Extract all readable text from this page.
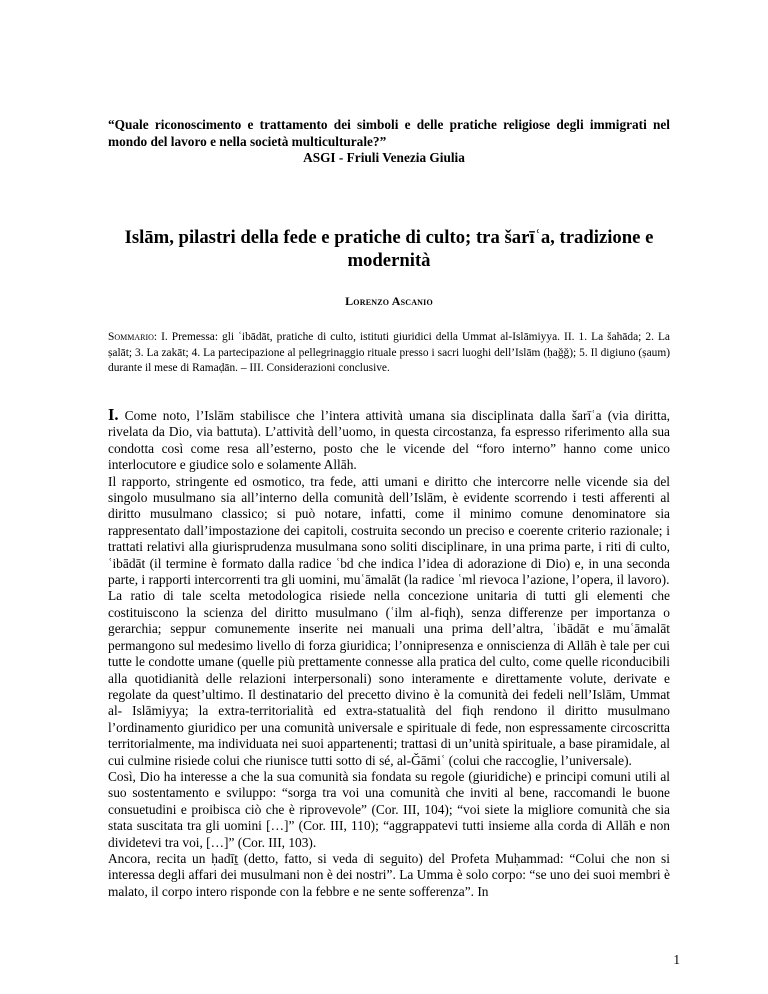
“Quale riconoscimento e trattamento dei simboli e delle pratiche religiose degli immigrati nel mondo del lavoro e nella società multiculturale?”
ASGI - Friuli Venezia Giulia
Islām, pilastri della fede e pratiche di culto; tra šarīʿa, tradizione e modernità
Lorenzo Ascanio
Sommario: I. Premessa: gli ʿibādāt, pratiche di culto, istituti giuridici della Ummat al-Islāmiyya. II. 1. La šahāda; 2. La ṣalāt; 3. La zakāt; 4. La partecipazione al pellegrinaggio rituale presso i sacri luoghi dell’Islām (ḥaǧǧ); 5. Il digiuno (ṣaum) durante il mese di Ramaḍān. – III. Considerazioni conclusive.

I. Come noto, l’Islām stabilisce che l’intera attività umana sia disciplinata dalla šarīʿa (via diritta, rivelata da Dio, via battuta). L’attività dell’uomo, in questa circostanza, fa espresso riferimento alla sua condotta così come resa all’esterno, posto che le vicende del “foro interno” hanno come unico interlocutore e giudice solo e solamente Allāh.

Il rapporto, stringente ed osmotico, tra fede, atti umani e diritto che intercorre nelle vicende sia del singolo musulmano sia all’interno della comunità dell’Islām, è evidente scorrendo i testi afferenti al diritto musulmano classico; si può notare, infatti, come il minimo comune denominatore sia rappresentato dall’impostazione dei capitoli, costruita secondo un preciso e coerente criterio razionale; i trattati relativi alla giurisprudenza musulmana sono soliti disciplinare, in una prima parte, i riti di culto, ʿibādāt (il termine è formato dalla radice ʿbd che indica l’idea di adorazione di Dio) e, in una seconda parte, i rapporti intercorrenti tra gli uomini, muʿāmalāt (la radice ʿml rievoca l’azione, l’opera, il lavoro).

La ratio di tale scelta metodologica risiede nella concezione unitaria di tutti gli elementi che costituiscono la scienza del diritto musulmano (ʿilm al-fiqh), senza differenze per importanza o gerarchia; seppur comunemente inserite nei manuali una prima dell’altra, ʿibādāt e muʿāmalāt permangono sul medesimo livello di forza giuridica; l’onnipresenza e onniscienza di Allāh è tale per cui tutte le condotte umane (quelle più prettamente connesse alla pratica del culto, come quelle riconducibili alla quotidianità delle relazioni interpersonali) sono interamente e direttamente volute, derivate e regolate da quest’ultimo. Il destinatario del precetto divino è la comunità dei fedeli nell’Islām, Ummat al- Islāmiyya; la extra-territorialità ed extra-statualità del fiqh rendono il diritto musulmano l’ordinamento giuridico per una comunità universale e spirituale di fede, non espressamente circoscritta territorialmente, ma individuata nei suoi appartenenti; trattasi di un’unità spirituale, a base piramidale, al cui culmine risiede colui che riunisce tutti sotto di sé, al-Ǧāmiʿ (colui che raccoglie, l’universale).

Così, Dio ha interesse a che la sua comunità sia fondata su regole (giuridiche) e principi comuni utili al suo sostentamento e sviluppo: “sorga tra voi una comunità che inviti al bene, raccomandi le buone consuetudini e proibisca ciò che è riprovevole” (Cor. III, 104); “voi siete la migliore comunità che sia stata suscitata tra gli uomini […]” (Cor. III, 110); “aggrappatevi tutti insieme alla corda di Allāh e non dividetevi tra voi, […]” (Cor. III, 103).

Ancora, recita un ḥadīṯ (detto, fatto, si veda di seguito) del Profeta Muḥammad: “Colui che non si interessa degli affari dei musulmani non è dei nostri”. La Umma è solo corpo: “se uno dei suoi membri è malato, il corpo intero risponde con la febbre e ne sente sofferenza”. In

1
